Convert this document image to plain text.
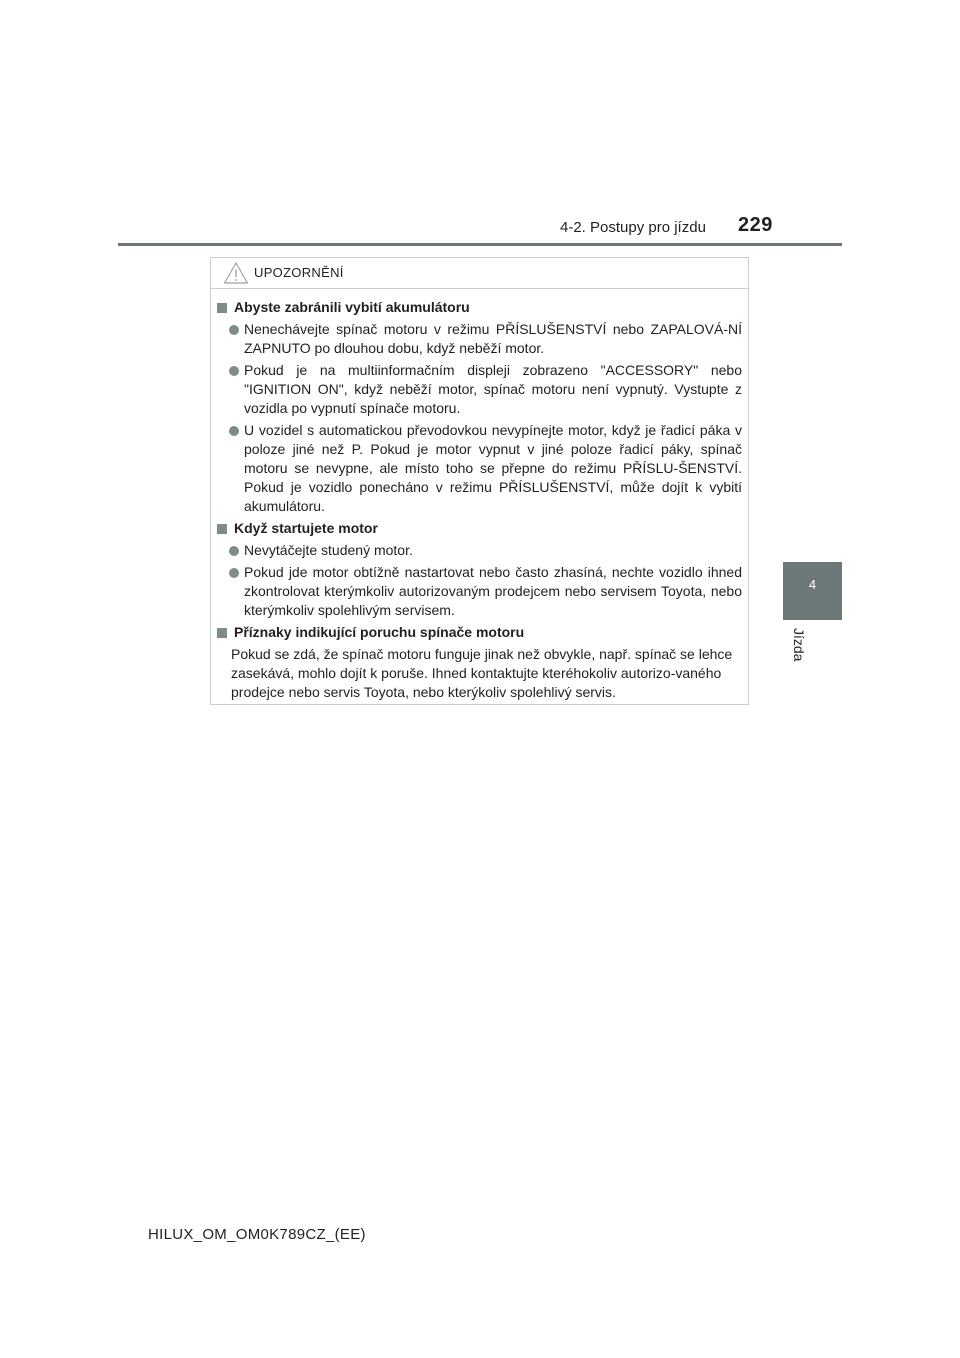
4-2. Postupy pro jízdu 229
4
Jízda
UPOZORNĚNÍ
Abyste zabránili vybití akumulátoru
Nenechávejte spínač motoru v režimu PŘÍSLUŠENSTVÍ nebo ZAPALOVÁ-NÍ ZAPNUTO po dlouhou dobu, když neběží motor.
Pokud je na multiinformačním displeji zobrazeno "ACCESSORY" nebo "IGNITION ON", když neběží motor, spínač motoru není vypnutý. Vystupte z vozidla po vypnutí spínače motoru.
U vozidel s automatickou převodovkou nevypínejte motor, když je řadicí páka v poloze jiné než P. Pokud je motor vypnut v jiné poloze řadicí páky, spínač motoru se nevypne, ale místo toho se přepne do režimu PŘÍSLU-ŠENSTVÍ. Pokud je vozidlo ponecháno v režimu PŘÍSLUŠENSTVÍ, může dojít k vybití akumulátoru.
Když startujete motor
Nevytáčejte studený motor.
Pokud jde motor obtížně nastartovat nebo často zhasíná, nechte vozidlo ihned zkontrolovat kterýmkoliv autorizovaným prodejcem nebo servisem Toyota, nebo kterýmkoliv spolehlivým servisem.
Příznaky indikující poruchu spínače motoru
Pokud se zdá, že spínač motoru funguje jinak než obvykle, např. spínač se lehce zasekává, mohlo dojít k poruše. Ihned kontaktujte kteréhokoliv autorizo-vaného prodejce nebo servis Toyota, nebo kterýkoliv spolehlivý servis.
HILUX_OM_OM0K789CZ_(EE)
